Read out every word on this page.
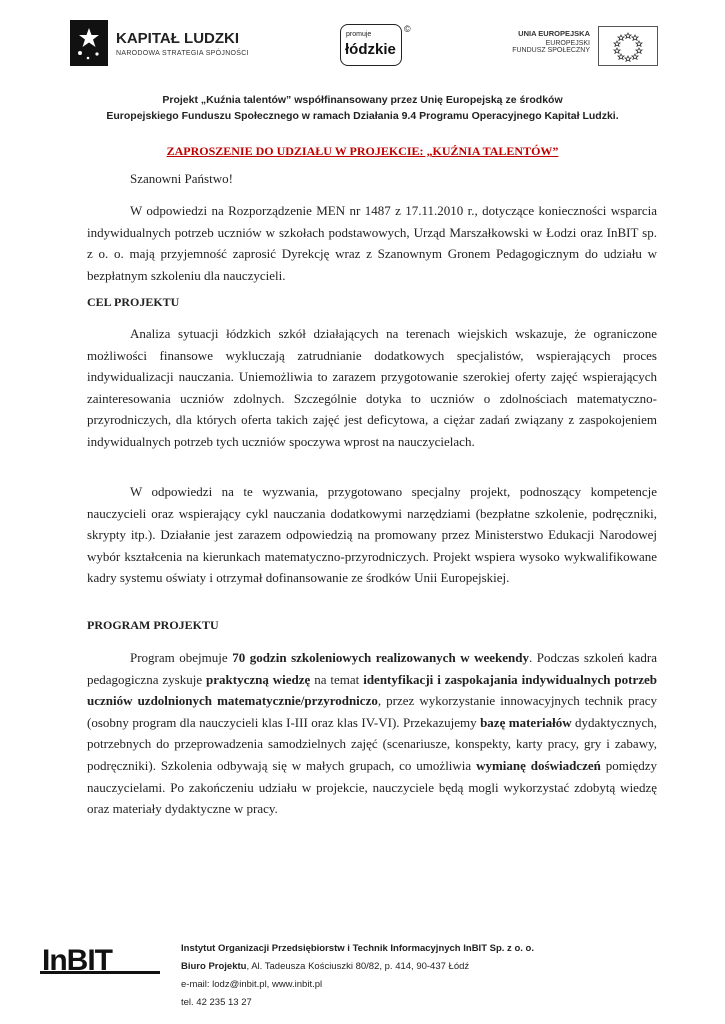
KAPITAŁ LUDZKI
NARODOWA STRATEGIA SPÓJNOŚCI
promuje
łódzkie
©	UNIA EUROPEJSKA
EUROPEJSKI
FUNDUSZ SPOŁECZNY
Projekt „Kuźnia talentów” współfinansowany przez Unię Europejską ze środków
Europejskiego Funduszu Społecznego w ramach Działania 9.4 Programu Operacyjnego Kapitał Ludzki.
ZAPROSZENIE DO UDZIAŁU W PROJEKCIE: „KUŹNIA TALENTÓW”
Szanowni Państwo!
W odpowiedzi na Rozporządzenie MEN nr 1487 z 17.11.2010 r., dotyczące konieczności wsparcia indywidualnych potrzeb uczniów w szkołach podstawowych, Urząd Marszałkowski w Łodzi oraz InBIT sp. z o. o. mają przyjemność zaprosić Dyrekcję wraz z Szanownym Gronem Pedagogicznym do udziału w bezpłatnym szkoleniu dla nauczycieli.
CEL PROJEKTU
Analiza sytuacji łódzkich szkół działających na terenach wiejskich wskazuje, że ograniczone możliwości finansowe wykluczają zatrudnianie dodatkowych specjalistów, wspierających proces indywidualizacji nauczania. Uniemożliwia to zarazem przygotowanie szerokiej oferty zajęć wspierających zainteresowania uczniów zdolnych. Szczególnie dotyka to uczniów o zdolnościach matematyczno-przyrodniczych, dla których oferta takich zajęć jest deficytowa, a ciężar zadań związany z zaspokojeniem indywidualnych potrzeb tych uczniów spoczywa wprost na nauczycielach.
W odpowiedzi na te wyzwania, przygotowano specjalny projekt, podnoszący kompetencje nauczycieli oraz wspierający cykl nauczania dodatkowymi narzędziami (bezpłatne szkolenie, podręczniki, skrypty itp.). Działanie jest zarazem odpowiedzią na promowany przez Ministerstwo Edukacji Narodowej wybór kształcenia na kierunkach matematyczno-przyrodniczych. Projekt wspiera wysoko wykwalifikowane kadry systemu oświaty i otrzymał dofinansowanie ze środków Unii Europejskiej.
PROGRAM PROJEKTU
Program obejmuje 70 godzin szkoleniowych realizowanych w weekendy. Podczas szkoleń kadra pedagogiczna zyskuje praktyczną wiedzę na temat identyfikacji i zaspokajania indywidualnych potrzeb uczniów uzdolnionych matematycznie/przyrodniczo, przez wykorzystanie innowacyjnych technik pracy (osobny program dla nauczycieli klas I-III oraz klas IV-VI). Przekazujemy bazę materiałów dydaktycznych, potrzebnych do przeprowadzenia samodzielnych zajęć (scenariusze, konspekty, karty pracy, gry i zabawy, podręczniki). Szkolenia odbywają się w małych grupach, co umożliwia wymianę doświadczeń pomiędzy nauczycielami. Po zakończeniu udziału w projekcie, nauczyciele będą mogli wykorzystać zdobytą wiedzę oraz materiały dydaktyczne w pracy.
InBIT	Instytut Organizacji Przedsiębiorstw i Technik Informacyjnych InBIT Sp. z o. o.
Biuro Projektu, Al. Tadeusza Kościuszki 80/82, p. 414, 90-437 Łódź
e-mail: lodz@inbit.pl, www.inbit.pl
tel. 42 235 13 27
